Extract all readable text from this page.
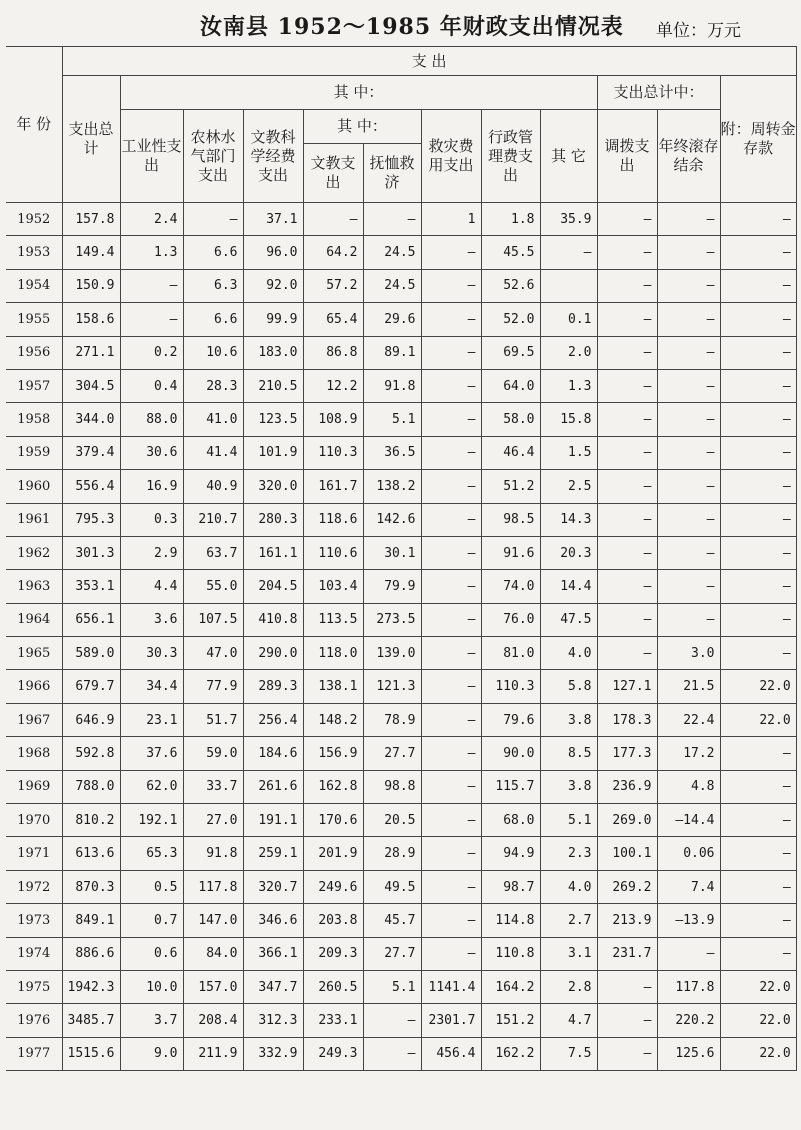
汝南县 1952～1985 年财政支出情况表 单位：万元
年 份	支 出											
	支出总计	其 中：								支出总计中：		附：周转金存款
		工业性支出	农林水气部门支出	文教科学经费支出	其 中：		救灾费用支出	行政管理费支出	其 它	调拨支出	年终滚存结余	
					文教支出	抚恤救济						
1952	157.8	2.4	—	37.1	—	—	1	1.8	35.9	—	—	—
1953	149.4	1.3	6.6	96.0	64.2	24.5	—	45.5	—	—	—	—
1954	150.9	—	6.3	92.0	57.2	24.5	—	52.6		—	—	—
1955	158.6	—	6.6	99.9	65.4	29.6	—	52.0	0.1	—	—	—
1956	271.1	0.2	10.6	183.0	86.8	89.1	—	69.5	2.0	—	—	—
1957	304.5	0.4	28.3	210.5	12.2	91.8	—	64.0	1.3	—	—	—
1958	344.0	88.0	41.0	123.5	108.9	5.1	—	58.0	15.8	—	—	—
1959	379.4	30.6	41.4	101.9	110.3	36.5	—	46.4	1.5	—	—	—
1960	556.4	16.9	40.9	320.0	161.7	138.2	—	51.2	2.5	—	—	—
1961	795.3	0.3	210.7	280.3	118.6	142.6	—	98.5	14.3	—	—	—
1962	301.3	2.9	63.7	161.1	110.6	30.1	—	91.6	20.3	—	—	—
1963	353.1	4.4	55.0	204.5	103.4	79.9	—	74.0	14.4	—	—	—
1964	656.1	3.6	107.5	410.8	113.5	273.5	—	76.0	47.5	—	—	—
1965	589.0	30.3	47.0	290.0	118.0	139.0	—	81.0	4.0	—	3.0	—
1966	679.7	34.4	77.9	289.3	138.1	121.3	—	110.3	5.8	127.1	21.5	22.0
1967	646.9	23.1	51.7	256.4	148.2	78.9	—	79.6	3.8	178.3	22.4	22.0
1968	592.8	37.6	59.0	184.6	156.9	27.7	—	90.0	8.5	177.3	17.2	—
1969	788.0	62.0	33.7	261.6	162.8	98.8	—	115.7	3.8	236.9	4.8	—
1970	810.2	192.1	27.0	191.1	170.6	20.5	—	68.0	5.1	269.0	—14.4	—
1971	613.6	65.3	91.8	259.1	201.9	28.9	—	94.9	2.3	100.1	0.06	—
1972	870.3	0.5	117.8	320.7	249.6	49.5	—	98.7	4.0	269.2	7.4	—
1973	849.1	0.7	147.0	346.6	203.8	45.7	—	114.8	2.7	213.9	—13.9	—
1974	886.6	0.6	84.0	366.1	209.3	27.7	—	110.8	3.1	231.7	—	—
1975	1942.3	10.0	157.0	347.7	260.5	5.1	1141.4	164.2	2.8	—	117.8	22.0
1976	3485.7	3.7	208.4	312.3	233.1	—	2301.7	151.2	4.7	—	220.2	22.0
1977	1515.6	9.0	211.9	332.9	249.3	—	456.4	162.2	7.5	—	125.6	22.0
